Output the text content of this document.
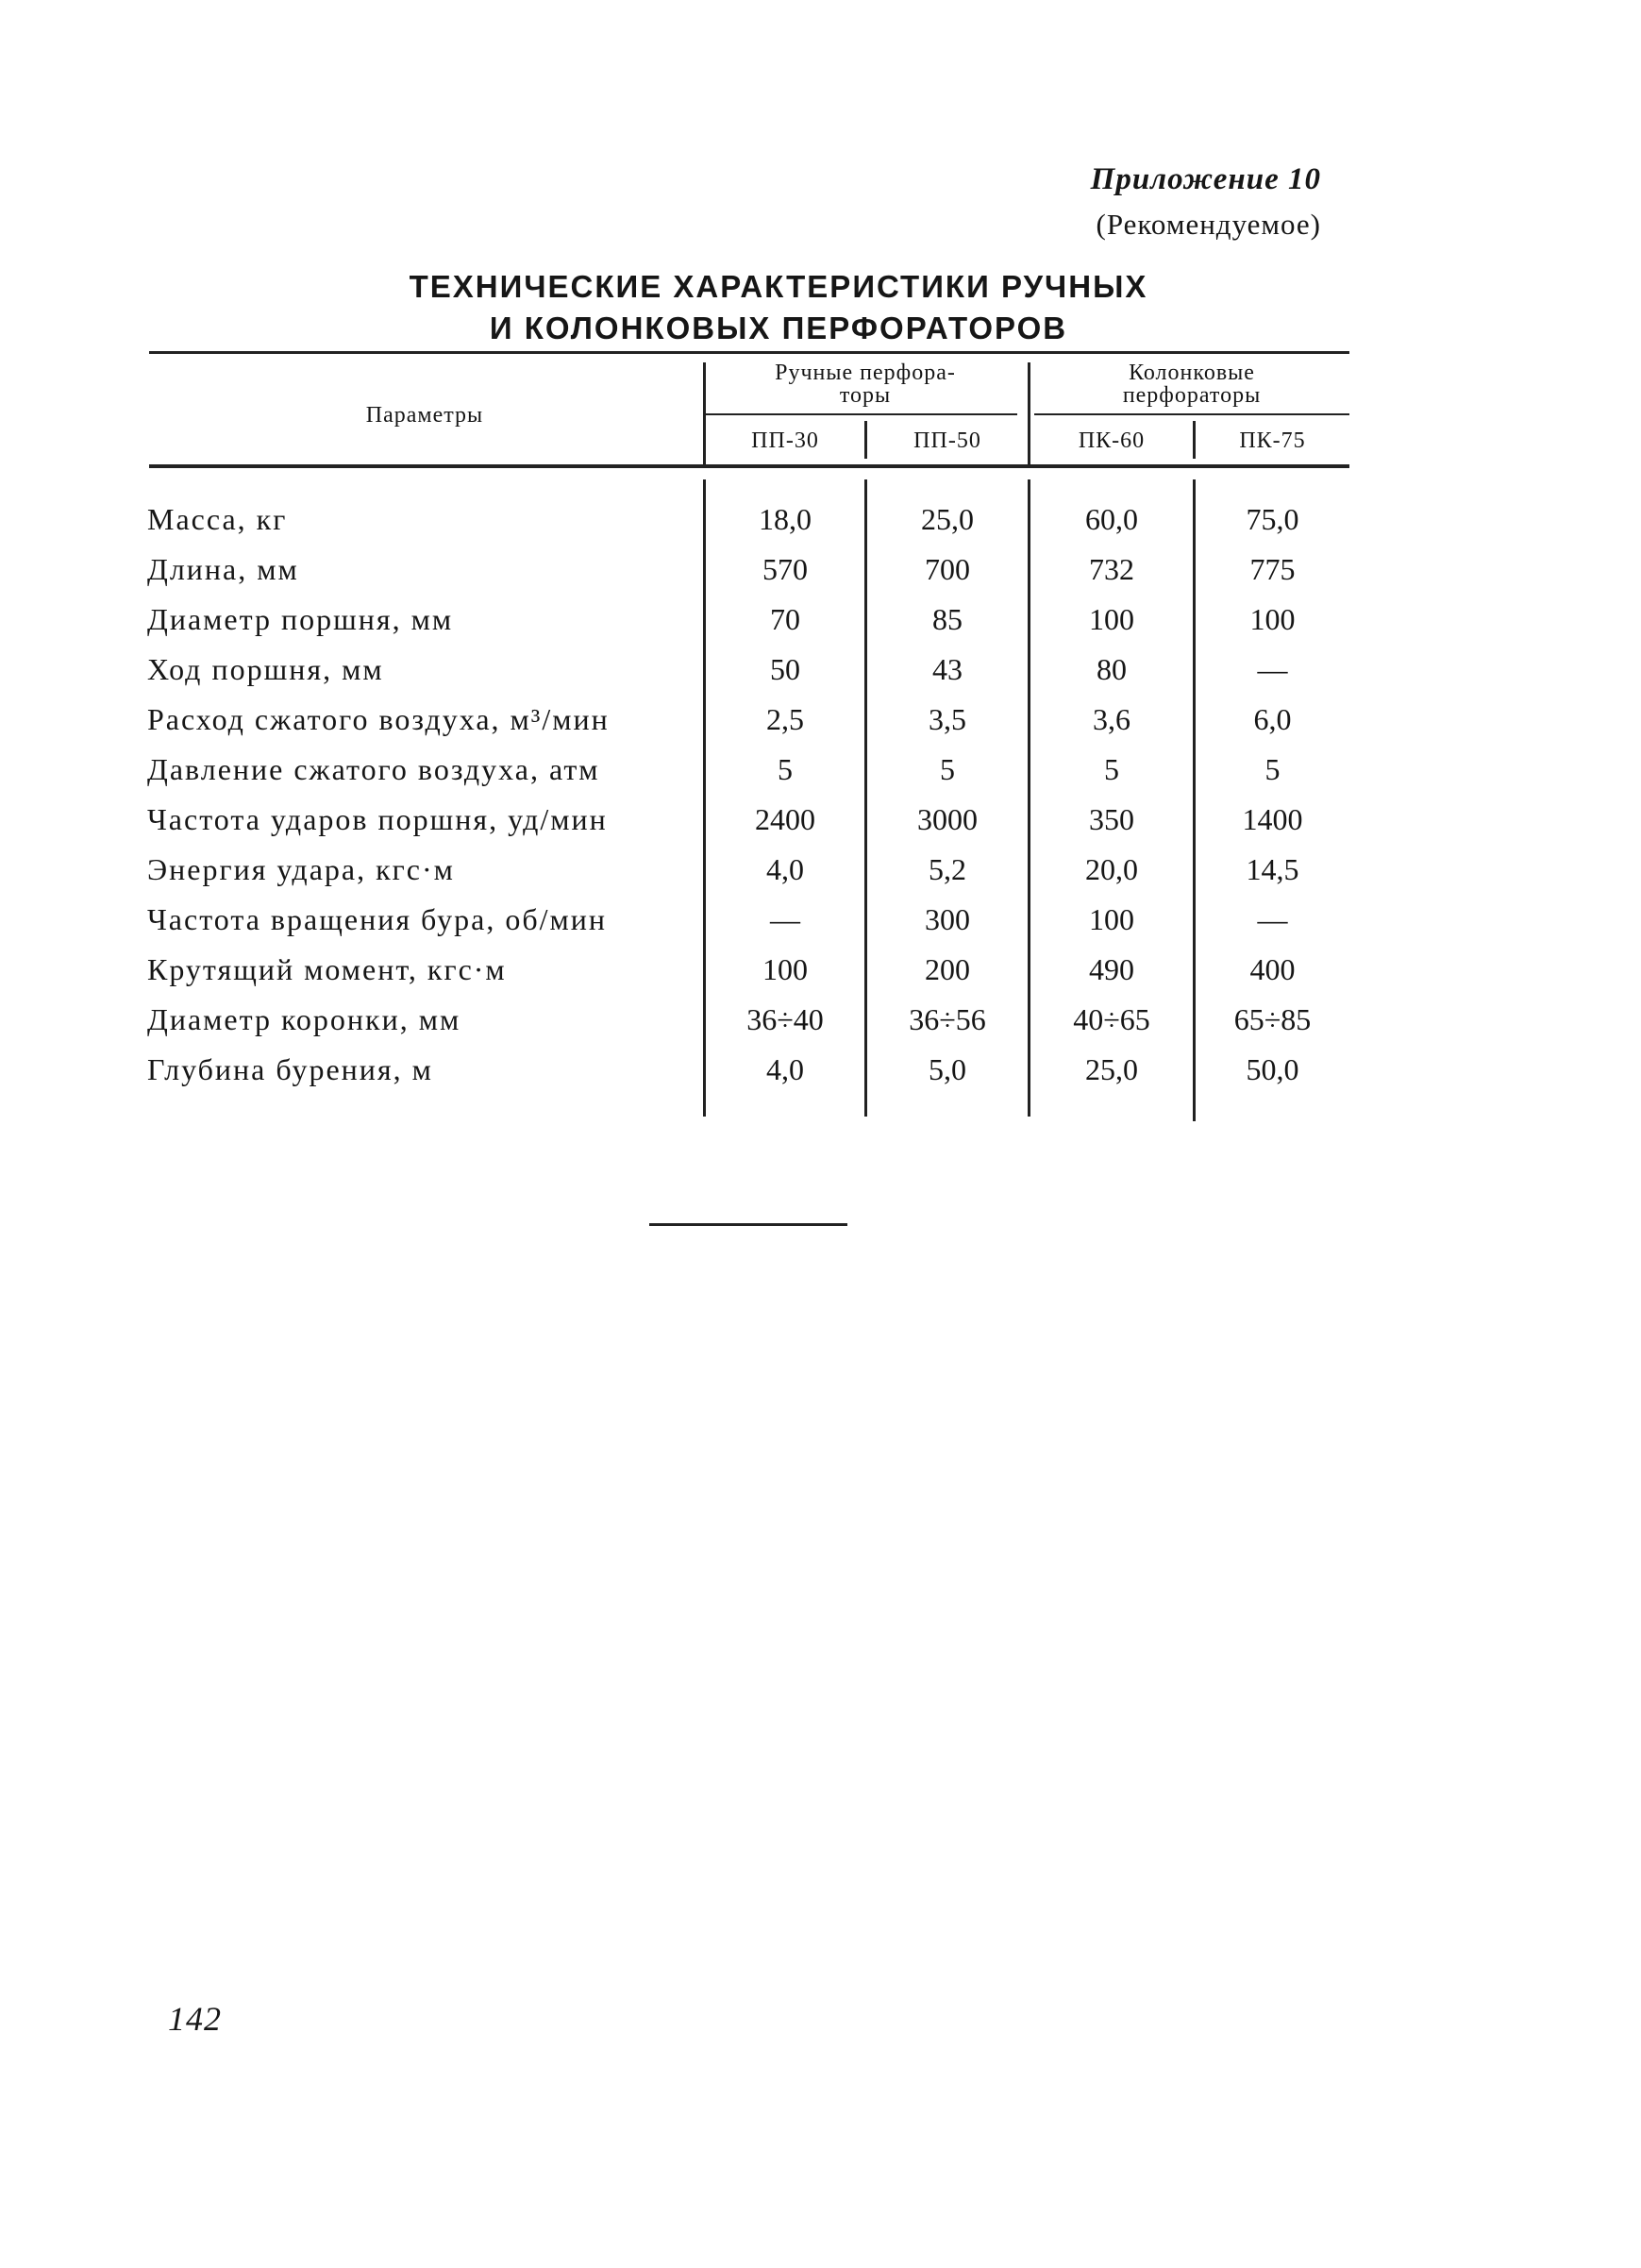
Приложение 10
(Рекомендуемое)
ТЕХНИЧЕСКИЕ ХАРАКТЕРИСТИКИ РУЧНЫХ
И КОЛОНКОВЫХ ПЕРФОРАТОРОВ
Параметры
Ручные перфора-
торы
Колонковые
перфораторы
ПП-30	ПП-50	ПК-60	ПК-75
Масса, кг	18,0	25,0	60,0	75,0
Длина, мм	570	700	732	775
Диаметр поршня, мм	70	85	100	100
Ход поршня, мм	50	43	80	—
Расход сжатого воздуха, м³/мин	2,5	3,5	3,6	6,0
Давление сжатого воздуха, атм	5	5	5	5
Частота ударов поршня, уд/мин	2400	3000	350	1400
Энергия удара, кгс·м	4,0	5,2	20,0	14,5
Частота вращения бура, об/мин	—	300	100	—
Крутящий момент, кгс·м	100	200	490	400
Диаметр коронки, мм	36÷40	36÷56	40÷65	65÷85
Глубина бурения, м	4,0	5,0	25,0	50,0
142
